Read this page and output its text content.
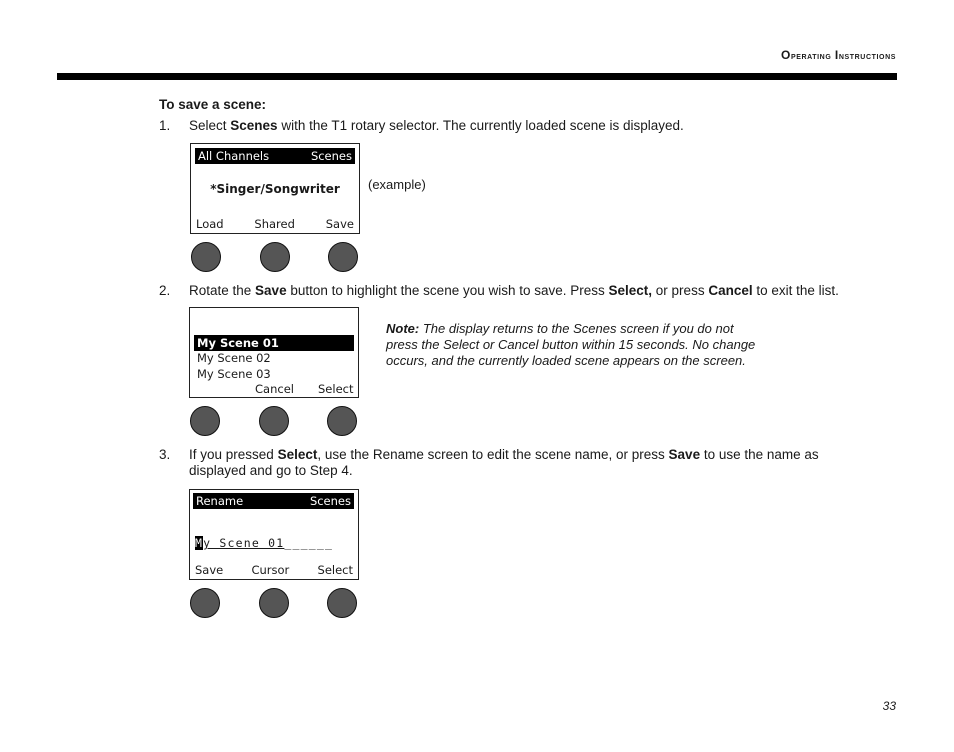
Operating Instructions
To save a scene:
1. Select Scenes with the T1 rotary selector. The currently loaded scene is displayed.
All Channels	Scenes
*Singer/Songwriter
Load	Shared	Save
(example)
2. Rotate the Save button to highlight the scene you wish to save. Press Select, or press Cancel to exit the list.
My Scene 01
My Scene 02
My Scene 03
Cancel Select
Note: The display returns to the Scenes screen if you do not press the Select or Cancel button within 15 seconds. No change occurs, and the currently loaded scene appears on the screen.
3. If you pressed Select, use the Rename screen to edit the scene name, or press Save to use the name as
displayed and go to Step 4.
Rename	Scenes
My Scene 01______
Save Cursor Select
33
